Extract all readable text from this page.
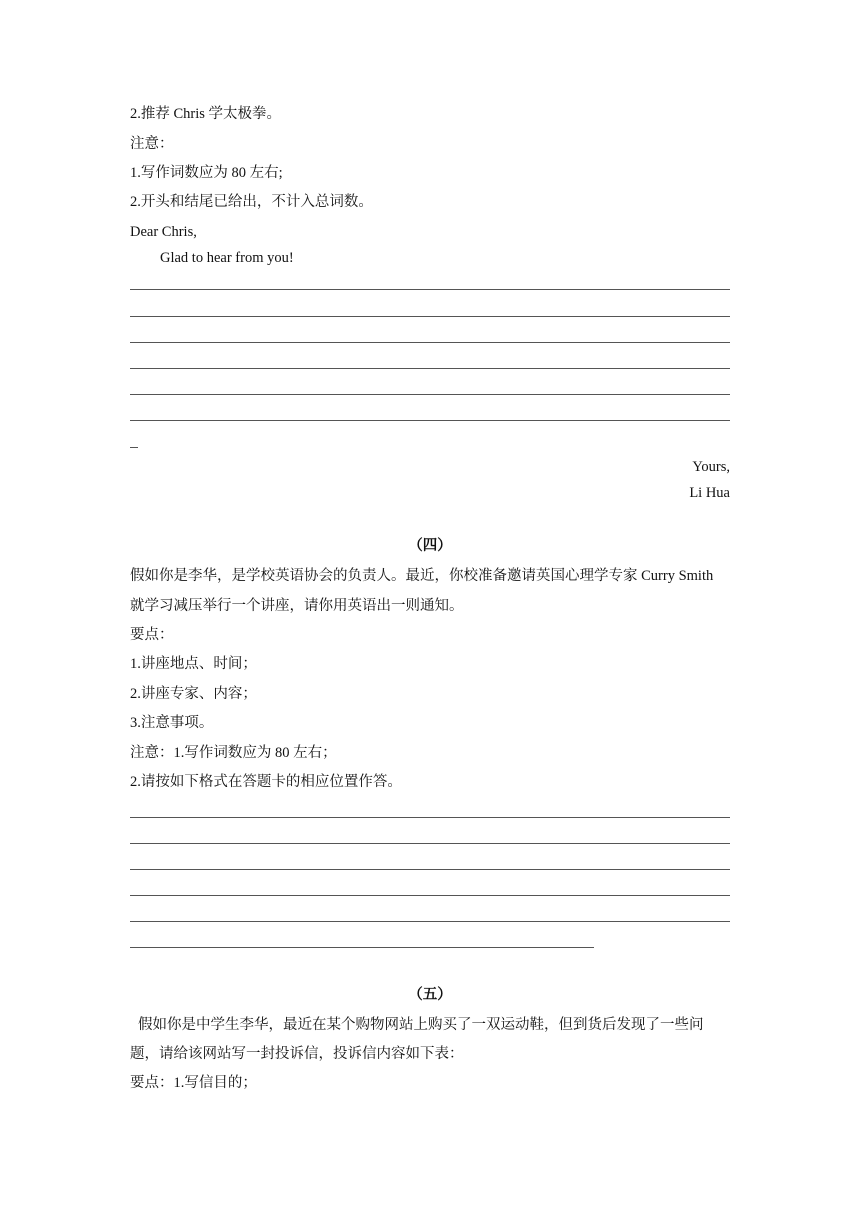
2.推荐 Chris 学太极拳。
注意：
1.写作词数应为 80 左右;
2.开头和结尾已给出，不计入总词数。
Dear Chris,
Glad to hear from you!
Yours,
Li Hua
（四）
假如你是李华，是学校英语协会的负责人。最近，你校准备邀请英国心理学专家 Curry Smith
就学习减压举行一个讲座，请你用英语出一则通知。
要点：
1.讲座地点、时间；
2.讲座专家、内容；
3.注意事项。
注意：1.写作词数应为 80 左右；
2.请按如下格式在答题卡的相应位置作答。
（五）
假如你是中学生李华，最近在某个购物网站上购买了一双运动鞋，但到货后发现了一些问
题，请给该网站写一封投诉信，投诉信内容如下表：
要点：1.写信目的；
